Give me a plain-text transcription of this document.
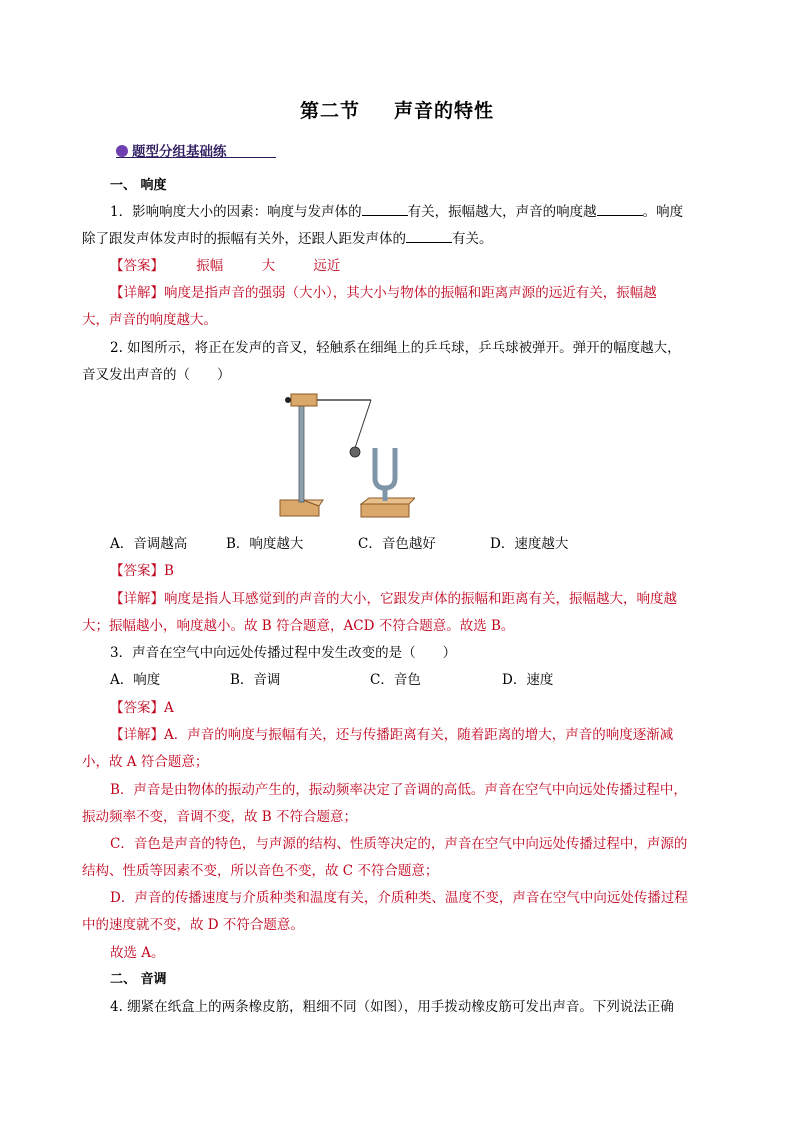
第二节 声音的特性
题型分组基础练
一、 响度
1．影响响度大小的因素：响度与发声体的	有关，振幅越大，声音的响度越	。响度
除了跟发声体发声时的振幅有关外，还跟人距发声体的	有关。
【答案】 振幅	大	远近
【详解】响度是指声音的强弱（大小），其大小与物体的振幅和距离声源的远近有关，振幅越
大，声音的响度越大。
2. 如图所示，将正在发声的音叉，轻触系在细绳上的乒乓球，乒乓球被弹开。弹开的幅度越大，
音叉发出声音的（　　）
A．音调越高	B．响度越大	C．音色越好	D．速度越大
【答案】B
【详解】响度是指人耳感觉到的声音的大小，它跟发声体的振幅和距离有关，振幅越大，响度越
大；振幅越小，响度越小。故 B 符合题意，ACD 不符合题意。故选 B。
3．声音在空气中向远处传播过程中发生改变的是（　　）
A．响度	B．音调	C．音色	D．速度
【答案】A
【详解】A．声音的响度与振幅有关，还与传播距离有关，随着距离的增大，声音的响度逐渐减
小，故 A 符合题意；
B．声音是由物体的振动产生的，振动频率决定了音调的高低。声音在空气中向远处传播过程中，
振动频率不变，音调不变，故 B 不符合题意；
C．音色是声音的特色，与声源的结构、性质等决定的，声音在空气中向远处传播过程中，声源的
结构、性质等因素不变，所以音色不变，故 C 不符合题意；
D．声音的传播速度与介质种类和温度有关，介质种类、温度不变，声音在空气中向远处传播过程
中的速度就不变，故 D 不符合题意。
故选 A。
二、 音调
4. 绷紧在纸盒上的两条橡皮筋，粗细不同（如图），用手拨动橡皮筋可发出声音。下列说法正确
